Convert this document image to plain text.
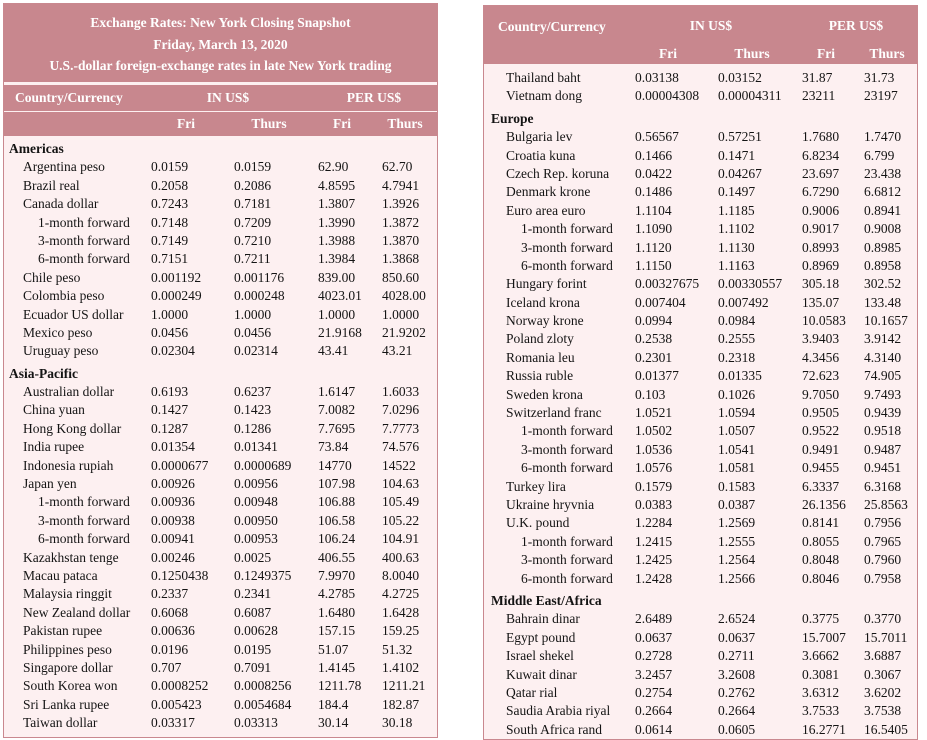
Exchange Rates: New York Closing Snapshot
Friday, March 13, 2020
U.S.-dollar foreign-exchange rates in late New York trading
Country/Currency	IN US$	PER US$
Fri	Thurs	Fri	Thurs
Americas
Argentina peso	0.0159	0.0159	62.90 62.70
Brazil real	0.2058	0.2086	4.8595 4.7941
Canada dollar	0.7243	0.7181	1.3807 1.3926
1-month forward 0.7148	0.7209	1.3990 1.3872
3-month forward 0.7149	0.7210	1.3988 1.3870
6-month forward 0.7151	0.7211	1.3984 1.3868
Chile peso	0.001192 0.001176	839.00 850.60
Colombia peso	0.000249 0.000248 4023.01 4028.00
Ecuador US dollar 1.0000	1.0000	1.0000 1.0000
Mexico peso	0.0456	0.0456	21.9168 21.9202
Uruguay peso	0.02304	0.02314	43.41 43.21
Asia-Pacific
Australian dollar	0.6193	0.6237	1.6147 1.6033
China yuan	0.1427	0.1423	7.0082 7.0296
Hong Kong dollar 0.1287	0.1286	7.7695 7.7773
India rupee	0.01354	0.01341	73.84 74.576
Indonesia rupiah	0.0000677 0.0000689 14770 14522
Japan yen	0.00926	0.00956	107.98 104.63
1-month forward 0.00936	0.00948	106.88 105.49
3-month forward 0.00938	0.00950	106.58 105.22
6-month forward 0.00941	0.00953	106.24 104.91
Kazakhstan tenge 0.00246	0.0025	406.55 400.63
Macau pataca	0.1250438 0.1249375 7.9970 8.0040
Malaysia ringgit	0.2337	0.2341	4.2785 4.2725
New Zealand dollar 0.6068	0.6087	1.6480 1.6428
Pakistan rupee	0.00636	0.00628	157.15 159.25
Philippines peso	0.0196	0.0195	51.07 51.32
Singapore dollar	0.707	0.7091	1.4145 1.4102
South Korea won 0.0008252 0.0008256 1211.78 1211.21
Sri Lanka rupee	0.005423 0.0054684 184.4 182.87
Taiwan dollar	0.03317	0.03313	30.14 30.18
Country/Currency	IN US$	PER US$
Fri	Thurs	Fri	Thurs
Thailand baht	0.03138	0.03152	31.87 31.73
Vietnam dong	0.00004308 0.00004311 23211 23197
Europe
Bulgaria lev	0.56567	0.57251	1.7680 1.7470
Croatia kuna	0.1466	0.1471	6.8234 6.799
Czech Rep. koruna 0.0422	0.04267	23.697 23.438
Denmark krone	0.1486	0.1497	6.7290 6.6812
Euro area euro	1.1104	1.1185	0.9006 0.8941
1-month forward 1.1090	1.1102	0.9017 0.9008
3-month forward 1.1120	1.1130	0.8993 0.8985
6-month forward 1.1150	1.1163	0.8969 0.8958
Hungary forint	0.00327675 0.00330557 305.18 302.52
Iceland krona	0.007404 0.007492 135.07 133.48
Norway krone	0.0994	0.0984	10.0583 10.1657
Poland zloty	0.2538	0.2555	3.9403 3.9142
Romania leu	0.2301	0.2318	4.3456 4.3140
Russia ruble	0.01377	0.01335	72.623 74.905
Sweden krona	0.103	0.1026	9.7050 9.7493
Switzerland franc 1.0521	1.0594	0.9505 0.9439
1-month forward 1.0502	1.0507	0.9522 0.9518
3-month forward 1.0536	1.0541	0.9491 0.9487
6-month forward 1.0576	1.0581	0.9455 0.9451
Turkey lira	0.1579	0.1583	6.3337 6.3168
Ukraine hryvnia	0.0383	0.0387	26.1356 25.8563
U.K. pound	1.2284	1.2569	0.8141 0.7956
1-month forward 1.2415	1.2555	0.8055 0.7965
3-month forward 1.2425	1.2564	0.8048 0.7960
6-month forward 1.2428	1.2566	0.8046 0.7958
Middle East/Africa
Bahrain dinar	2.6489	2.6524	0.3775 0.3770
Egypt pound	0.0637	0.0637	15.7007 15.7011
Israel shekel	0.2728	0.2711	3.6662 3.6887
Kuwait dinar	3.2457	3.2608	0.3081 0.3067
Qatar rial	0.2754	0.2762	3.6312 3.6202
Saudia Arabia riyal 0.2664	0.2664	3.7533 3.7538
South Africa rand 0.0614	0.0605	16.2771 16.5405
